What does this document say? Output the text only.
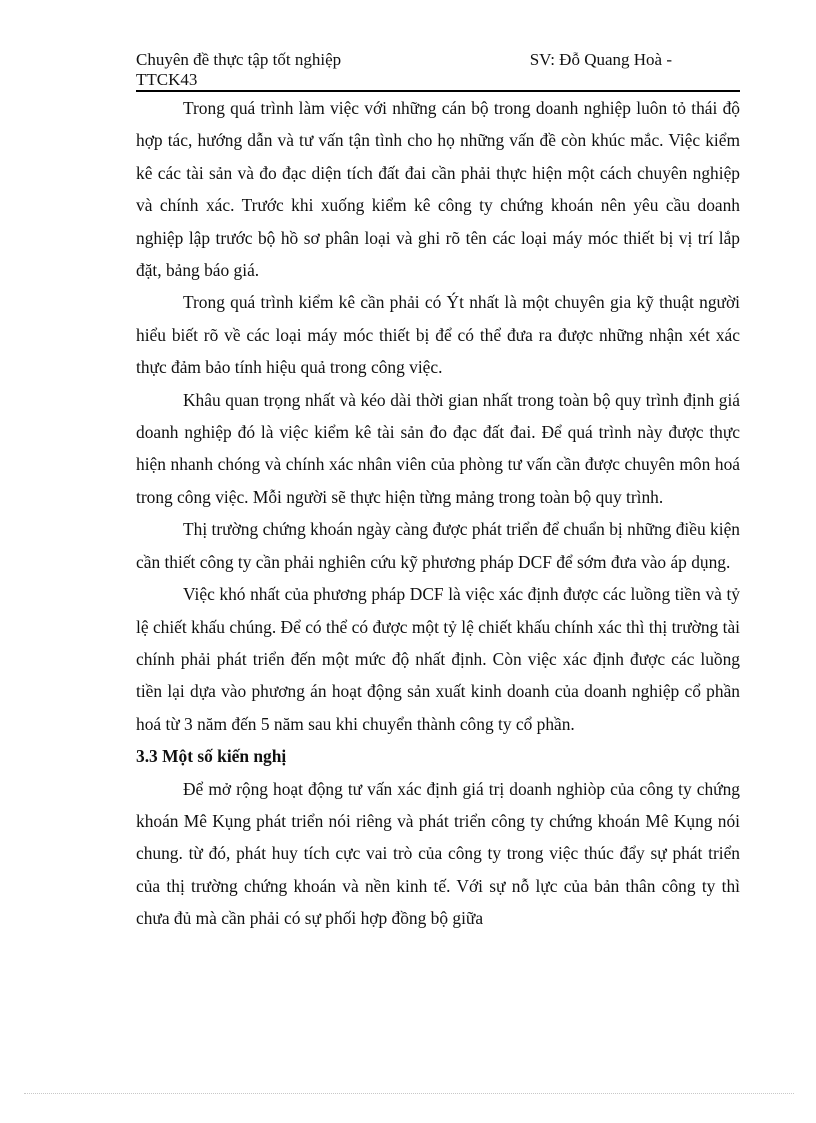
Chuyên đề thực tập tốt nghiệp	SV: Đỗ Quang Hoà -
TTCK43

Trong quá trình làm việc với những cán bộ trong doanh nghiệp luôn tỏ thái độ hợp tác, hướng dẫn và tư vấn tận tình cho họ những vấn đề còn khúc mắc. Việc kiểm kê các tài sản và đo đạc diện tích đất đai cần phải thực hiện một cách chuyên nghiệp và chính xác. Trước khi xuống kiểm kê công ty chứng khoán nên yêu cầu doanh nghiệp lập trước bộ hồ sơ phân loại và ghi rõ tên các loại máy móc thiết bị vị trí lắp đặt, bảng báo giá.

Trong quá trình kiểm kê cần phải có Ýt nhất là một chuyên gia kỹ thuật người hiểu biết rõ về các loại máy móc thiết bị để có thể đưa ra được những nhận xét xác thực đảm bảo tính hiệu quả trong công việc.

Khâu quan trọng nhất và kéo dài thời gian nhất trong toàn bộ quy trình định giá doanh nghiệp đó là việc kiểm kê tài sản đo đạc đất đai. Để quá trình này được thực hiện nhanh chóng và chính xác nhân viên của phòng tư vấn cần được chuyên môn hoá trong công việc. Mỗi người sẽ thực hiện từng mảng trong toàn bộ quy trình.

Thị trường chứng khoán ngày càng được phát triển để chuẩn bị những điều kiện cần thiết công ty cần phải nghiên cứu kỹ phương pháp DCF để sớm đưa vào áp dụng.

Việc khó nhất của phương pháp DCF là việc xác định được các luồng tiền và tỷ lệ chiết khấu chúng. Để có thể có được một tỷ lệ chiết khấu chính xác thì thị trường tài chính phải phát triển đến một mức độ nhất định. Còn việc xác định được các luồng tiền lại dựa vào phương án hoạt động sản xuất kinh doanh của doanh nghiệp cổ phần hoá từ 3 năm đến 5 năm sau khi chuyển thành công ty cổ phần.

3.3 Một số kiến nghị

Để mở rộng hoạt động tư vấn xác định giá trị doanh nghiòp của công ty chứng khoán Mê Kụng phát triển nói riêng và phát triển công ty chứng khoán Mê Kụng nói chung. từ đó, phát huy tích cực vai trò của công ty trong việc thúc đẩy sự phát triển của thị trường chứng khoán và nền kinh tế. Với sự nỗ lực của bản thân công ty thì chưa đủ mà cần phải có sự phối hợp đồng bộ giữa
